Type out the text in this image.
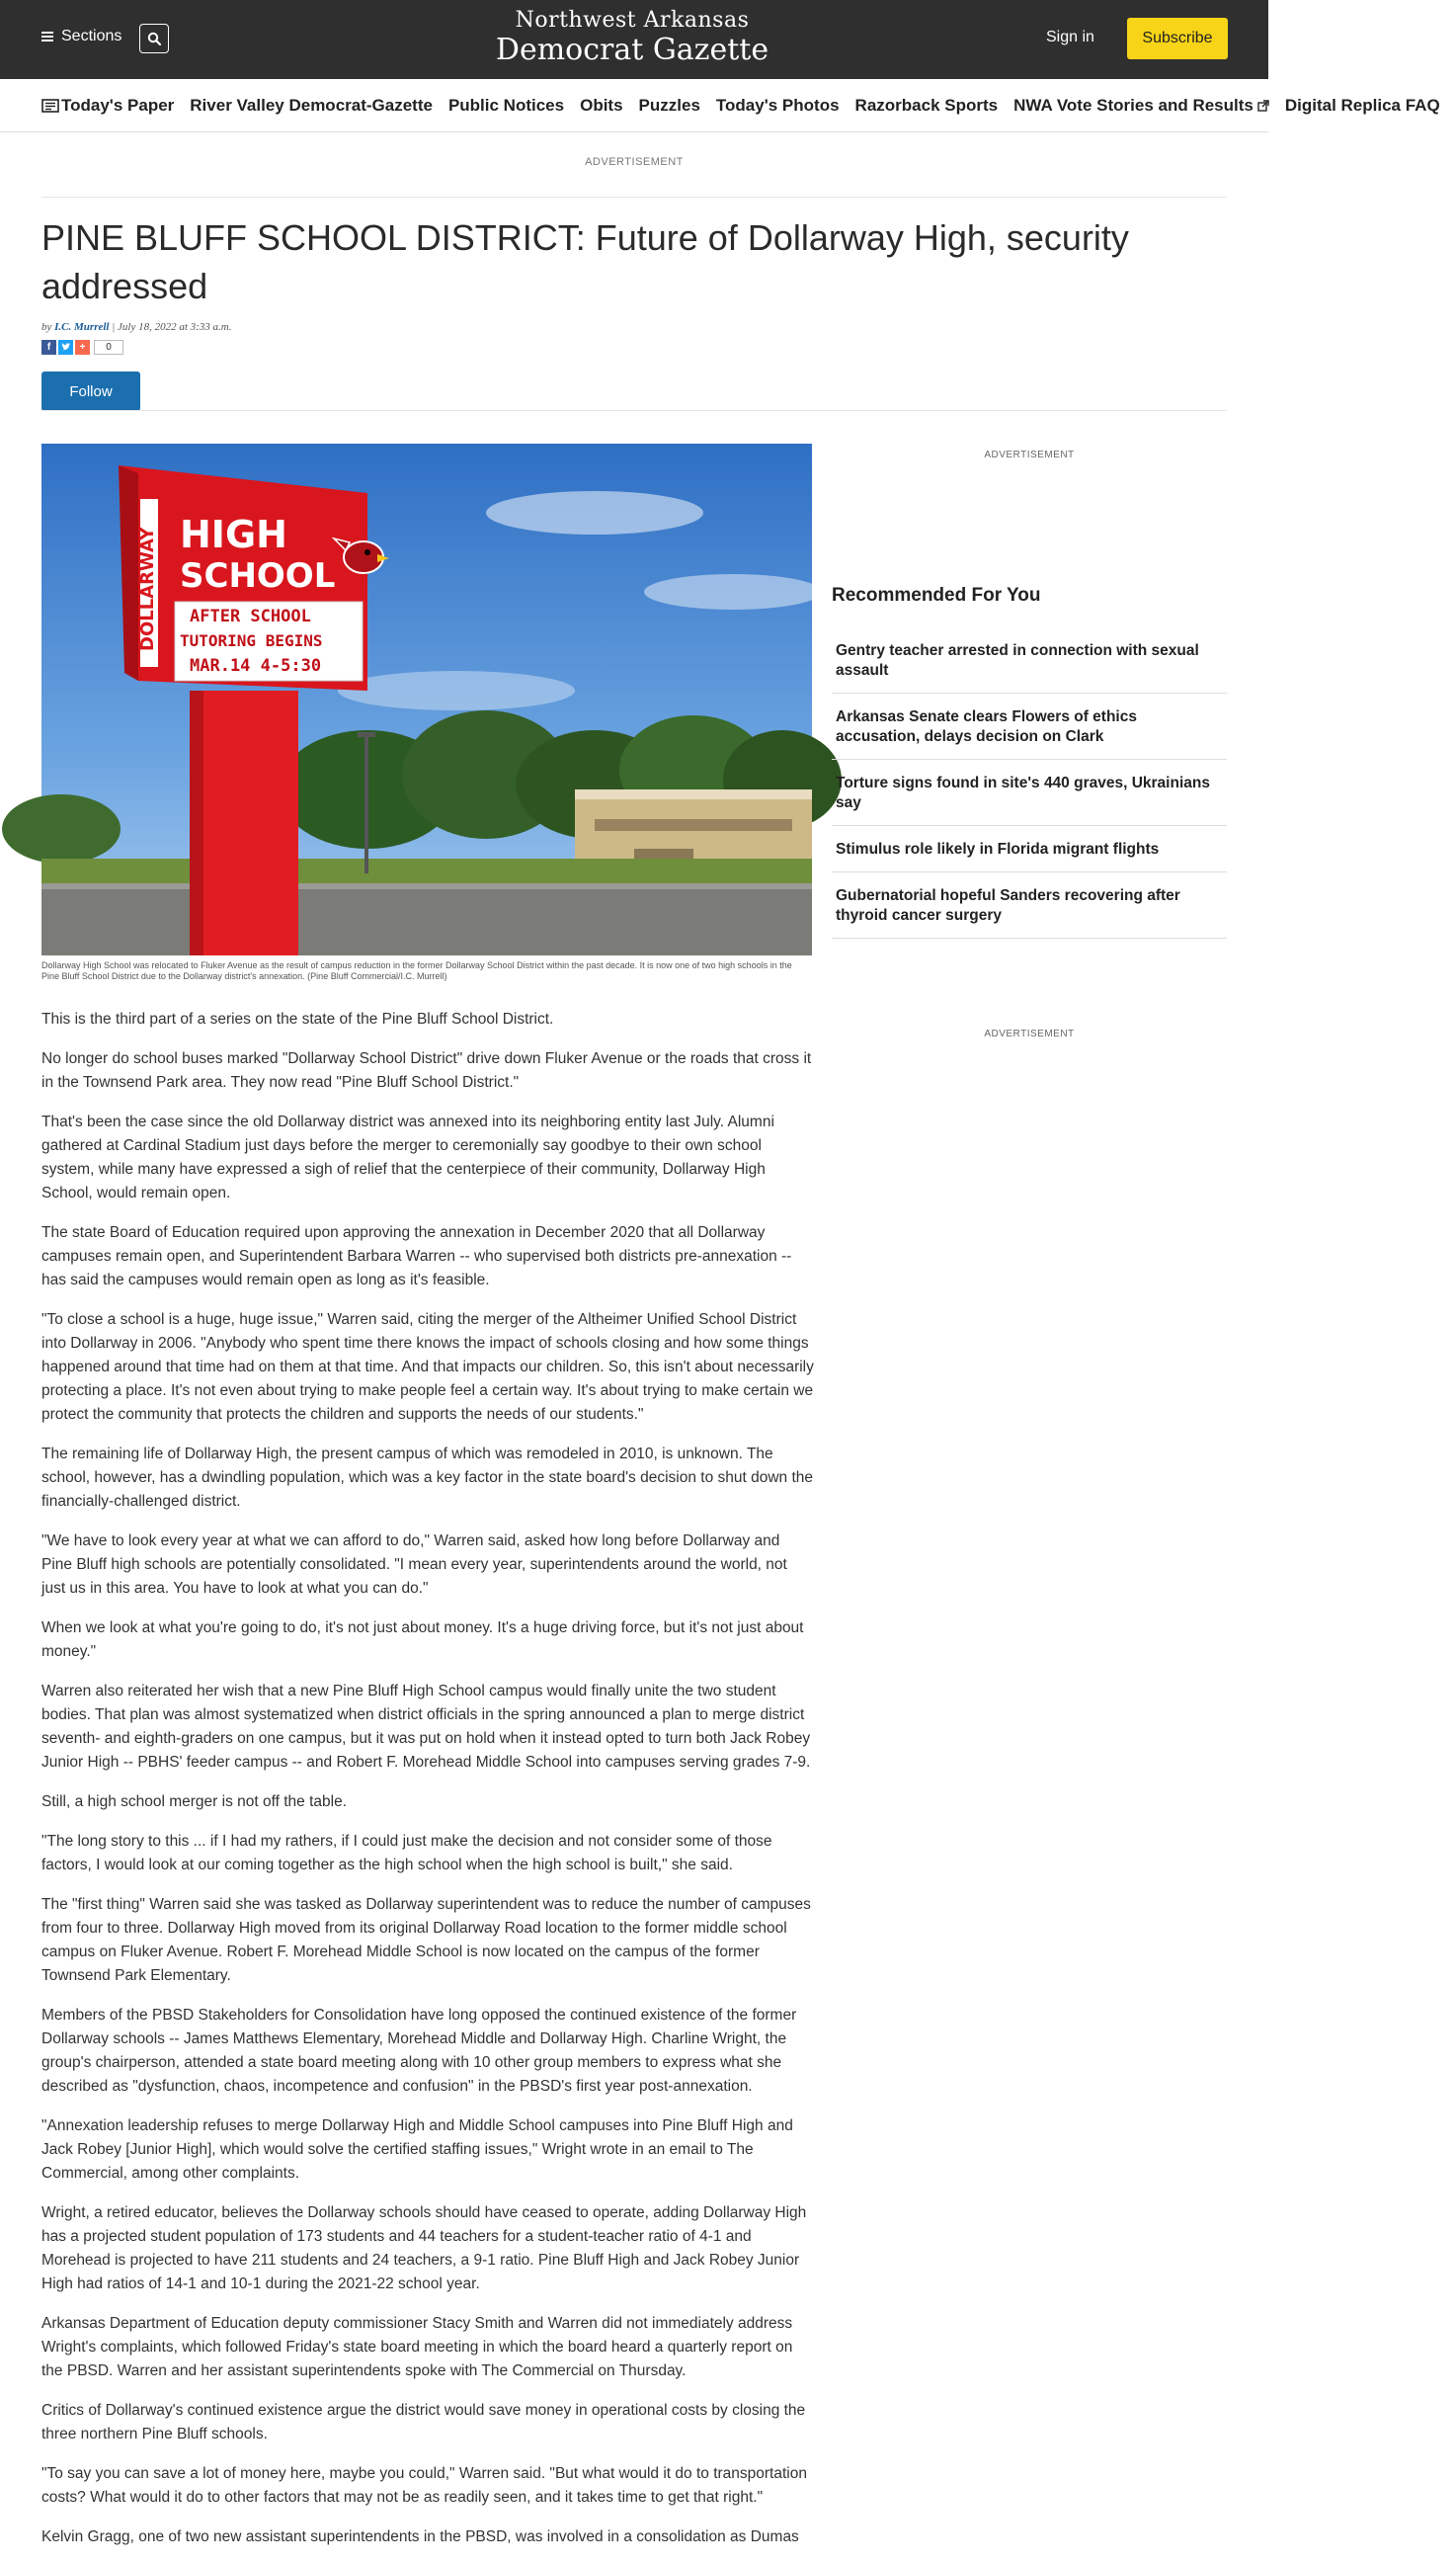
Sections
Northwest Arkansas
Democrat Gazette	Sign in	Subscribe
Today's Paper River Valley Democrat-Gazette Public Notices Obits Puzzles Today's Photos Razorback Sports NWA Vote Stories and Results Digital Replica FAQ
ADVERTISEMENT
PINE BLUFF SCHOOL DISTRICT: Future of Dollarway High, security addressed
by I.C. Murrell | July 18, 2022 at 3:33 a.m.
f	+	0
Follow
DOLLARWAY HIGH
SCHOOL
AFTER SCHOOL
TUTORING BEGINS
MAR.14 4-5:30
Dollarway High School was relocated to Fluker Avenue as the result of campus reduction in the former Dollarway School District within the past decade. It is now one of two high schools in the Pine Bluff School District due to the Dollarway district's annexation. (Pine Bluff Commercial/I.C. Murrell)

This is the third part of a series on the state of the Pine Bluff School District.

No longer do school buses marked "Dollarway School District" drive down Fluker Avenue or the roads that cross it in the Townsend Park area. They now read "Pine Bluff School District."

That's been the case since the old Dollarway district was annexed into its neighboring entity last July. Alumni gathered at Cardinal Stadium just days before the merger to ceremonially say goodbye to their own school system, while many have expressed a sigh of relief that the centerpiece of their community, Dollarway High School, would remain open.

The state Board of Education required upon approving the annexation in December 2020 that all Dollarway campuses remain open, and Superintendent Barbara Warren -- who supervised both districts pre-annexation -- has said the campuses would remain open as long as it's feasible.

"To close a school is a huge, huge issue," Warren said, citing the merger of the Altheimer Unified School District into Dollarway in 2006. "Anybody who spent time there knows the impact of schools closing and how some things happened around that time had on them at that time. And that impacts our children. So, this isn't about necessarily protecting a place. It's not even about trying to make people feel a certain way. It's about trying to make certain we protect the community that protects the children and supports the needs of our students."

The remaining life of Dollarway High, the present campus of which was remodeled in 2010, is unknown. The school, however, has a dwindling population, which was a key factor in the state board's decision to shut down the financially-challenged district.

"We have to look every year at what we can afford to do," Warren said, asked how long before Dollarway and Pine Bluff high schools are potentially consolidated. "I mean every year, superintendents around the world, not just us in this area. You have to look at what you can do."

When we look at what you're going to do, it's not just about money. It's a huge driving force, but it's not just about money."

Warren also reiterated her wish that a new Pine Bluff High School campus would finally unite the two student bodies. That plan was almost systematized when district officials in the spring announced a plan to merge district seventh- and eighth-graders on one campus, but it was put on hold when it instead opted to turn both Jack Robey Junior High -- PBHS' feeder campus -- and Robert F. Morehead Middle School into campuses serving grades 7-9.

Still, a high school merger is not off the table.

"The long story to this ... if I had my rathers, if I could just make the decision and not consider some of those factors, I would look at our coming together as the high school when the high school is built," she said.

The "first thing" Warren said she was tasked as Dollarway superintendent was to reduce the number of campuses from four to three. Dollarway High moved from its original Dollarway Road location to the former middle school campus on Fluker Avenue. Robert F. Morehead Middle School is now located on the campus of the former Townsend Park Elementary.

Members of the PBSD Stakeholders for Consolidation have long opposed the continued existence of the former Dollarway schools -- James Matthews Elementary, Morehead Middle and Dollarway High. Charline Wright, the group's chairperson, attended a state board meeting along with 10 other group members to express what she described as "dysfunction, chaos, incompetence and confusion" in the PBSD's first year post-annexation.

"Annexation leadership refuses to merge Dollarway High and Middle School campuses into Pine Bluff High and Jack Robey [Junior High], which would solve the certified staffing issues," Wright wrote in an email to The Commercial, among other complaints.

Wright, a retired educator, believes the Dollarway schools should have ceased to operate, adding Dollarway High has a projected student population of 173 students and 44 teachers for a student-teacher ratio of 4-1 and Morehead is projected to have 211 students and 24 teachers, a 9-1 ratio. Pine Bluff High and Jack Robey Junior High had ratios of 14-1 and 10-1 during the 2021-22 school year.

Arkansas Department of Education deputy commissioner Stacy Smith and Warren did not immediately address Wright's complaints, which followed Friday's state board meeting in which the board heard a quarterly report on the PBSD. Warren and her assistant superintendents spoke with The Commercial on Thursday.

Critics of Dollarway's continued existence argue the district would save money in operational costs by closing the three northern Pine Bluff schools.

"To say you can save a lot of money here, maybe you could," Warren said. "But what would it do to transportation costs? What would it do to other factors that may not be as readily seen, and it takes time to get that right."

Kelvin Gragg, one of two new assistant superintendents in the PBSD, was involved in a consolidation as Dumas

ADVERTISEMENT
Recommended For You
Gentry teacher arrested in connection with sexual assault
Arkansas Senate clears Flowers of ethics accusation, delays decision on Clark
Torture signs found in site's 440 graves, Ukrainians say
Stimulus role likely in Florida migrant flights
Gubernatorial hopeful Sanders recovering after thyroid cancer surgery
ADVERTISEMENT
